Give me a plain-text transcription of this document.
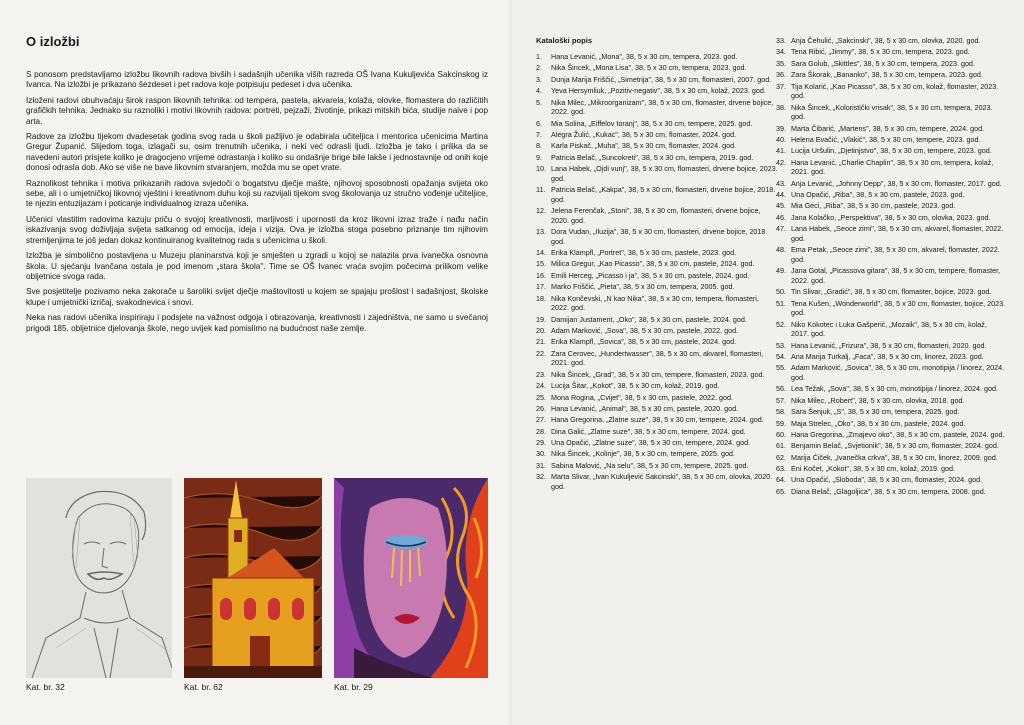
O izložbi

S ponosom predstavljamo izložbu likovnih radova bivših i sadašnjih učenika viših razreda OŠ Ivana Kukuljevića Sakcinskog iz Ivanca. Na izložbi je prikazano šezdeset i pet radova koje potpisuju pedeset i dva učenika.

Izloženi radovi obuhvaćaju širok raspon likovnih tehnika: od tempera, pastela, akvarela, kolaža, olovke, flomastera do različitih grafičkih tehnika. Jednako su raznoliki i motivi likovnih radova: portreti, pejzaži, životinje, prikazi mitskih bića, studije naive i pop arta.

Radove za izložbu tijekom dvadesetak godina svog rada u školi pažljivo je odabirala učiteljica i mentorica učenicima Martina Gregur Županić. Slijedom toga, izlagači su, osim trenutnih učenika, i neki već odrasli ljudi. Izložba je tako i prilika da se navedeni autori prisjete koliko je dragocjeno vrijeme odrastanja i koliko su ondašnje brige bile lakše i jednostavnije od onih koje donosi odrasla dob. Ako se više ne bave likovnim stvaranjem, možda mu se opet vrate.

Raznolikost tehnika i motiva prikazanih radova svjedoči o bogatstvu dječje mašte, njihovoj sposobnosti opažanja svijeta oko sebe, ali i o umjetničkoj likovnoj vještini i kreativnom duhu koji su razvijali tijekom svog školovanja uz stručno vođenje učiteljice, te njezin entuzijazam i poticanje individualnog izraza učenika.

Učenici vlastitim radovima kazuju priču o svojoj kreativnosti, marljivosti i upornosti da kroz likovni izraz traže i nađu način iskazivanja svog doživljaja svijeta satkanog od emocija, ideja i vizija. Ova je izložba stoga posebno priznanje tim njihovim stremljenjima te još jedan dokaz kontinuiranog kvalitetnog rada s učenicima u školi.

Izložba je simbolično postavljena u Muzeju planinarstva koji je smješten u zgradi u kojoj se nalazila prva ivanečka osnovna škola. U sjećanju Ivančana ostala je pod imenom „stara škola". Time se OŠ Ivanec vraća svojim počecima prilikom velike obljetnice svoga rada.

Sve posjetitelje pozivamo neka zakorače u šaroliki svijet dječje maštovitosti u kojem se spajaju prošlost i sadašnjost, školske klupe i umjetnički izričaj, svakodnevica i snovi.

Neka nas radovi učenika inspiriraju i podsjete na važnost odgoja i obrazovanja, kreativnosti i zajedništva, ne samo u svečanoj prigodi 185. obljetnice djelovanja škole, nego uvijek kad pomislimo na budućnost naše zemlje.

Kat. br. 32	Kat. br. 62	Kat. br. 29
Kataloški popis
1.	Hana Levanić, „Mona", 38, 5 x 30 cm, tempera, 2023. god.
2.	Nika Šincek, „Mona Lisa", 38, 5 x 30 cm, tempera, 2023. god.
3.	Dunja Marija Friščić, „Simetrija", 38, 5 x 30 cm, flomasteri, 2007. god.
4.	Yeva Hersymliuk, „Pozitiv-negativ", 38, 5 x 30 cm, kolaž, 2023. god.
5.	Nika Milec, „Mikroorganizam", 38, 5 x 30 cm, flomaster, drvene bojice, 2022. god.
6.	Mia Solina, „Eiffelov toranj", 38, 5 x 30 cm, tempere, 2025. god.
7.	Alegra Žulić, „Kukac", 38, 5 x 30 cm, flomaster, 2024. god.
8.	Karla Piskač, „Muha", 38, 5 x 30 cm, flomaster, 2024. god.
9.	Patricia Belač, „Suncokreti", 38, 5 x 30 cm, tempera, 2019. god.
10. Lana Habek, „Ojdi vunj", 38, 5 x 30 cm, flomasteri, drvene bojice, 2023. god.
11. Patricia Belač, „Kakpa", 38, 5 x 30 cm, flomasteri, drvene bojice, 2018. god.
12. Jelena Ferenčak, „Stoni", 38, 5 x 30 cm, flomasteri, drvene bojice, 2020. god.
13. Dora Vudan, „Iluzija", 38, 5 x 30 cm, flomasteri, drvene bojice, 2018. god.
14. Erika Klampfl, „Portret", 38, 5 x 30 cm, pastele, 2023. god.
15. Milica Gregur, „Kao Picasso", 38, 5 x 30 cm, pastele, 2024. god.
16. Emili Herceg, „Picasso i ja", 38, 5 x 30 cm, pastele, 2024. god.
17. Marko Friščić, „Pieta", 38, 5 x 30 cm, tempera, 2005. god.
18. Nika Končevski, „N kao Nika", 38, 5 x 30 cm, tempera, flomasteri, 2022. god.
19. Damijan Justament, „Oko", 38, 5 x 30 cm, pastele, 2024. god.
20. Adam Marković, „Sova", 38, 5 x 30 cm, pastele, 2022. god.
21. Erika Klampfl, „Sovica", 38, 5 x 30 cm, pastele, 2024. god.
22. Zara Cerovec, „Hundertwasser", 38, 5 x 30 cm, akvarel, flomasteri, 2021. god.
23. Nika Šincek, „Grad", 38, 5 x 30 cm, tempere, flomasteri, 2023. god.
24. Lucija Šitar, „Kokot", 38, 5 x 30 cm, kolaž, 2019. god.
25. Mona Rogina, „Cvijet", 38, 5 x 30 cm, pastele, 2022. god.
26. Hana Levanić, „Animal", 38, 5 x 30 cm, pastele, 2020. god.
27. Hana Gregorina, „Zlatne suze", 38, 5 x 30 cm, tempere, 2024. god.
28. Dina Galić, „Zlatne suze", 38, 5 x 30 cm, tempere, 2024. god.
29. Una Opačić, „Zlatne suze", 38, 5 x 30 cm, tempere, 2024. god.
30. Nika Šincek, „Kolinje", 38, 5 x 30 cm, tempere, 2025. god.
31. Sabina Malović, „Na selu", 38, 5 x 30 cm, tempere, 2025. god.
32. Marta Slivar, „Ivan Kukuljević Sakcinski", 38, 5 x 30 cm, olovka, 2020. god.
33. Anja Čehulić, „Sakcinski", 38, 5 x 30 cm, olovka, 2020. god.
34. Tena Ribić, „Jimmy", 38, 5 x 30 cm, tempera, 2023. god.
35. Sara Golub, „Skittles", 38, 5 x 30 cm, tempera, 2023. god.
36. Zara Škorak, „Bananko", 38, 5 x 30 cm, tempera, 2023. god.
37. Tija Kolarić, „Kao Picasso", 38, 5 x 30 cm, kolaž, flomaster, 2023. god.
38. Nika Šincek, „Koloristički vrisak", 38, 5 x 30 cm, tempera, 2023. god.
39. Marta Čibarić, „Martens", 38, 5 x 30 cm, tempere, 2024. god.
40. Helena Evačić, „Vlakić", 38, 5 x 30 cm, tempere, 2023. god.
41. Lucija Uršulin, „Djetinjstvo", 38, 5 x 30 cm, tempere, 2023. god.
42. Hana Levanić, „Charlie Chaplin", 38, 5 x 30 cm, tempera, kolaž, 2021. god.
43. Anja Levanić, „Johnny Depp", 38, 5 x 30 cm, flomaster, 2017. god.
44. Una Opačić, „Riba", 38, 5 x 30 cm, pastele, 2023. god.
45. Mia Geci, „Riba", 38, 5 x 30 cm, pastele, 2023. god.
46. Jana Kolačko, „Perspektiva", 38, 5 x 30 cm, olovka, 2023. god.
47. Lana Habek, „Seoce zimi", 38, 5 x 30 cm, akvarel, flomaster, 2022. god.
48. Ema Petak, „Seoce zimi", 38, 5 x 30 cm, akvarel, flomaster, 2022. god.
49. Jana Gotal, „Picassova gitara", 38, 5 x 30 cm, tempere, flomaster, 2022. god.
50. Tin Slivar, „Gradić", 38, 5 x 30 cm, flomaster, bojice, 2023. god.
51. Tena Kušen, „Wonderworld", 38, 5 x 30 cm, flomaster, bojice, 2023. god.
52. Niko Kokotec i Luka Gašperić, „Mozaik", 38, 5 x 30 cm, kolaž, 2017. god.
53. Hana Levanić, „Frizura", 38, 5 x 30 cm, flomasteri, 2020. god.
54. Ana Marija Turkalj, „Faca", 38, 5 x 30 cm, linorez, 2023. god.
55. Adam Marković, „Sovica", 38, 5 x 30 cm, monotipija / linorez, 2024. god.
56. Lea Težak, „Sova", 38, 5 x 30 cm, monotipija / linorez, 2024. god.
57. Nika Milec, „Robert", 38, 5 x 30 cm, olovka, 2018. god.
58. Sara Šenjuk, „S", 38, 5 x 30 cm, tempera, 2025. god.
59. Maja Strelec, „Oko", 38, 5 x 30 cm, pastele, 2024. god.
60. Hana Gregorina, „Zmajevo oko", 38, 5 x 30 cm, pastele, 2024. god.
61. Benjamin Belač, „Svjetionik", 38, 5 x 30 cm, flomaster, 2024. god.
62. Marija Ćiček, „Ivanečka crkva", 38, 5 x 30 cm, linorez, 2009. god.
63. Eni Kočet, „Kokot", 38, 5 x 30 cm, kolaž, 2019. god.
64. Una Opačić, „Sloboda", 38, 5 x 30 cm, flomaster, 2024. god.
65. Diana Belač, „Glagoljica", 38, 5 x 30 cm, tempera, 2008. god.
